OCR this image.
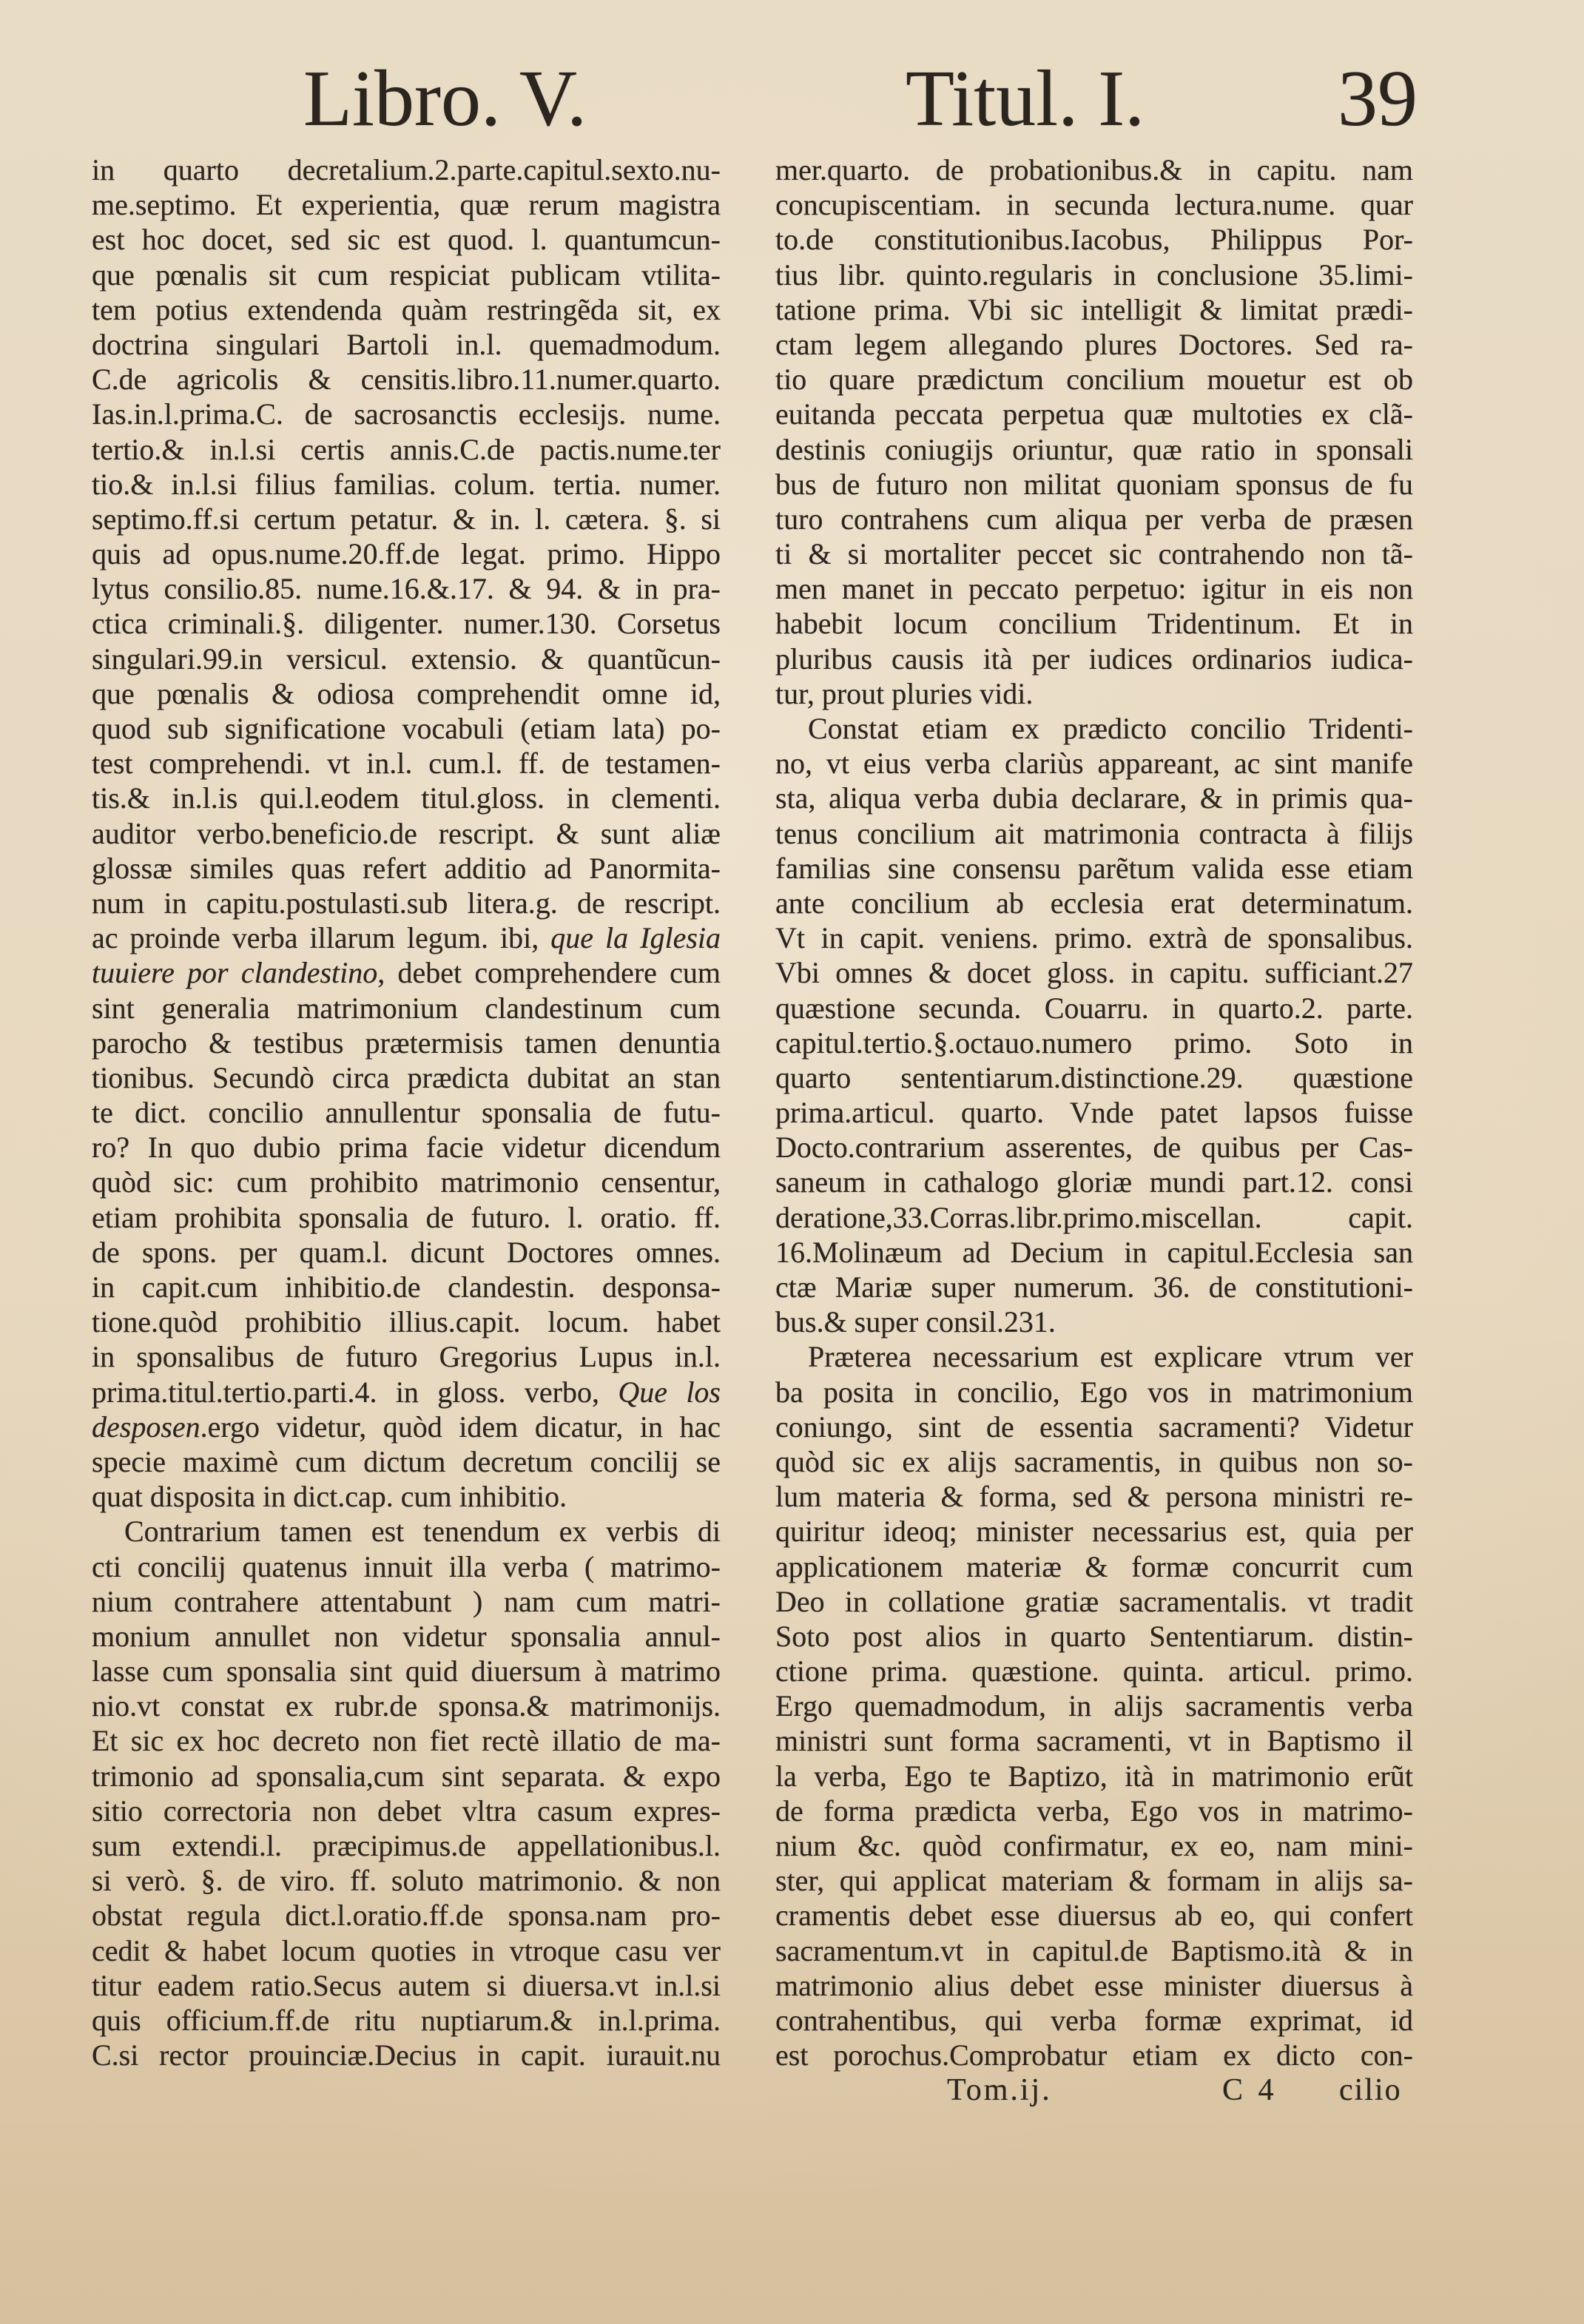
Libro. V.	Titul. I. 39
in quarto decretalium.2.parte.capitul.sexto.nu-
me.septimo. Et experientia, quæ rerum magistra
est hoc docet, sed sic est quod. l. quantumcun-
que pœnalis sit cum respiciat publicam vtilita-
tem potius extendenda quàm restringẽda sit, ex
doctrina singulari Bartoli in.l. quemadmodum.
C.de agricolis & censitis.libro.11.numer.quarto.
Ias.in.l.prima.C. de sacrosanctis ecclesijs. nume.
tertio.& in.l.si certis annis.C.de pactis.nume.ter
tio.& in.l.si filius familias. colum. tertia. numer.
septimo.ff.si certum petatur. & in. l. cætera. §. si
quis ad opus.nume.20.ff.de legat. primo. Hippo
lytus consilio.85. nume.16.&.17. & 94. & in pra-
ctica criminali.§. diligenter. numer.130. Corsetus
singulari.99.in versicul. extensio. & quantũcun-
que pœnalis & odiosa comprehendit omne id,
quod sub significatione vocabuli (etiam lata) po-
test comprehendi. vt in.l. cum.l. ff. de testamen-
tis.& in.l.is qui.l.eodem titul.gloss. in clementi.
auditor verbo.beneficio.de rescript. & sunt aliæ
glossæ similes quas refert additio ad Panormita-
num in capitu.postulasti.sub litera.g. de rescript.
ac proinde verba illarum legum. ibi, que la Iglesia
tuuiere por clandestino, debet comprehendere cum
sint generalia matrimonium clandestinum cum
parocho & testibus prætermisis tamen denuntia
tionibus. Secundò circa prædicta dubitat an stan
te dict. concilio annullentur sponsalia de futu-
ro? In quo dubio prima facie videtur dicendum
quòd sic: cum prohibito matrimonio censentur,
etiam prohibita sponsalia de futuro. l. oratio. ff.
de spons. per quam.l. dicunt Doctores omnes.
in capit.cum inhibitio.de clandestin. desponsa-
tione.quòd prohibitio illius.capit. locum. habet
in sponsalibus de futuro Gregorius Lupus in.l.
prima.titul.tertio.parti.4. in gloss. verbo, Que los
desposen.ergo videtur, quòd idem dicatur, in hac
specie maximè cum dictum decretum concilij se
quat disposita in dict.cap. cum inhibitio.
Contrarium tamen est tenendum ex verbis di
cti concilij quatenus innuit illa verba ( matrimo-
nium contrahere attentabunt ) nam cum matri-
monium annullet non videtur sponsalia annul-
lasse cum sponsalia sint quid diuersum à matrimo
nio.vt constat ex rubr.de sponsa.& matrimonijs.
Et sic ex hoc decreto non fiet rectè illatio de ma-
trimonio ad sponsalia,cum sint separata. & expo
sitio correctoria non debet vltra casum expres-
sum extendi.l. præcipimus.de appellationibus.l.
si verò. §. de viro. ff. soluto matrimonio. & non
obstat regula dict.l.oratio.ff.de sponsa.nam pro-
cedit & habet locum quoties in vtroque casu ver
titur eadem ratio.Secus autem si diuersa.vt in.l.si
quis officium.ff.de ritu nuptiarum.& in.l.prima.
C.si rector prouinciæ.Decius in capit. iurauit.nu
mer.quarto. de probationibus.& in capitu. nam
concupiscentiam. in secunda lectura.nume. quar
to.de constitutionibus.Iacobus, Philippus Por-
tius libr. quinto.regularis in conclusione 35.limi-
tatione prima. Vbi sic intelligit & limitat prædi-
ctam legem allegando plures Doctores. Sed ra-
tio quare prædictum concilium mouetur est ob
euitanda peccata perpetua quæ multoties ex clã-
destinis coniugijs oriuntur, quæ ratio in sponsali
bus de futuro non militat quoniam sponsus de fu
turo contrahens cum aliqua per verba de præsen
ti & si mortaliter peccet sic contrahendo non tã-
men manet in peccato perpetuo: igitur in eis non
habebit locum concilium Tridentinum. Et in
pluribus causis ità per iudices ordinarios iudica-
tur, prout pluries vidi.
Constat etiam ex prædicto concilio Tridenti-
no, vt eius verba clariùs appareant, ac sint manife
sta, aliqua verba dubia declarare, & in primis qua-
tenus concilium ait matrimonia contracta à filijs
familias sine consensu parẽtum valida esse etiam
ante concilium ab ecclesia erat determinatum.
Vt in capit. veniens. primo. extrà de sponsalibus.
Vbi omnes & docet gloss. in capitu. sufficiant.27
quæstione secunda. Couarru. in quarto.2. parte.
capitul.tertio.§.octauo.numero primo. Soto in
quarto sententiarum.distinctione.29. quæstione
prima.articul. quarto. Vnde patet lapsos fuisse
Docto.contrarium asserentes, de quibus per Cas-
saneum in cathalogo gloriæ mundi part.12. consi
deratione,33.Corras.libr.primo.miscellan. capit.
16.Molinæum ad Decium in capitul.Ecclesia san
ctæ Mariæ super numerum. 36. de constitutioni-
bus.& super consil.231.
Præterea necessarium est explicare vtrum ver
ba posita in concilio, Ego vos in matrimonium
coniungo, sint de essentia sacramenti? Videtur
quòd sic ex alijs sacramentis, in quibus non so-
lum materia & forma, sed & persona ministri re-
quiritur ideoq; minister necessarius est, quia per
applicationem materiæ & formæ concurrit cum
Deo in collatione gratiæ sacramentalis. vt tradit
Soto post alios in quarto Sententiarum. distin-
ctione prima. quæstione. quinta. articul. primo.
Ergo quemadmodum, in alijs sacramentis verba
ministri sunt forma sacramenti, vt in Baptismo il
la verba, Ego te Baptizo, ità in matrimonio erũt
de forma prædicta verba, Ego vos in matrimo-
nium &c. quòd confirmatur, ex eo, nam mini-
ster, qui applicat materiam & formam in alijs sa-
cramentis debet esse diuersus ab eo, qui confert
sacramentum.vt in capitul.de Baptismo.ità & in
matrimonio alius debet esse minister diuersus à
contrahentibus, qui verba formæ exprimat, id
est porochus.Comprobatur etiam ex dicto con-
Tom.ij.	C 4 cilio
